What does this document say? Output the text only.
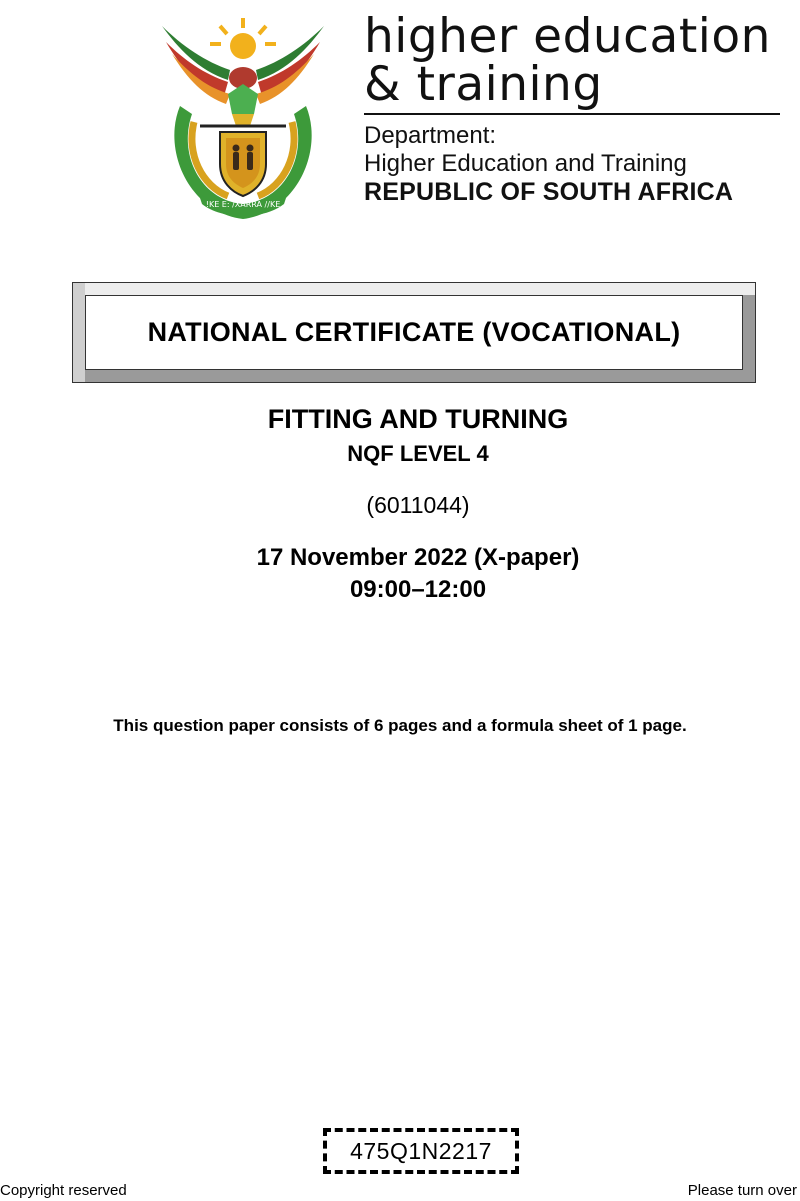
!KE E: /XARRA //KE
higher education
& training
Department:
Higher Education and Training
REPUBLIC OF SOUTH AFRICA
NATIONAL CERTIFICATE (VOCATIONAL)
FITTING AND TURNING
NQF LEVEL 4
(6011044)
17 November 2022 (X-paper)
09:00–12:00
This question paper consists of 6 pages and a formula sheet of 1 page.
475Q1N2217
Copyright reserved	Please turn over
